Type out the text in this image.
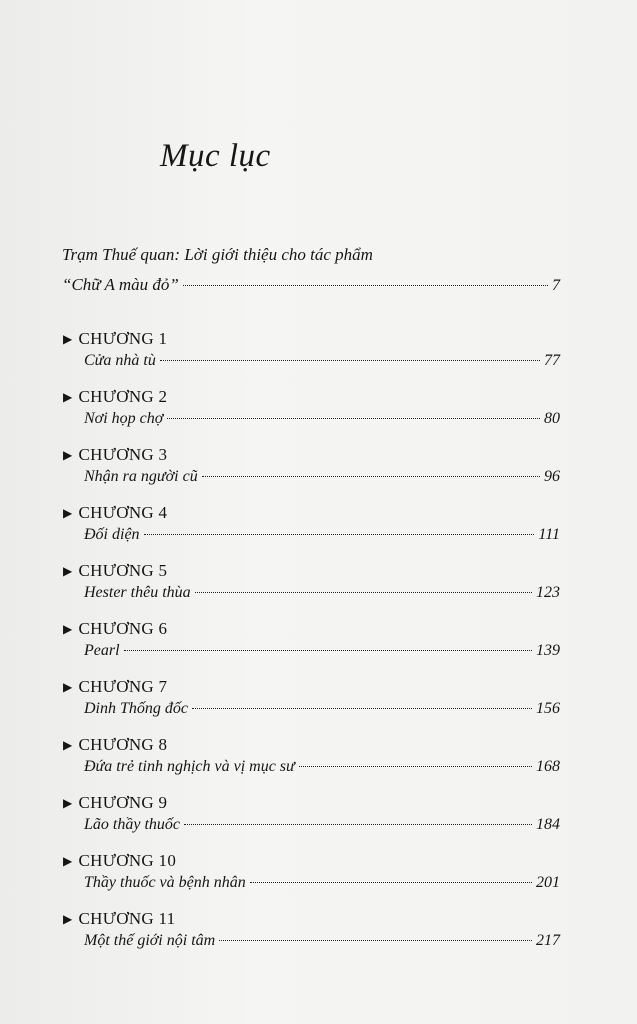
Mục lục
Trạm Thuế quan: Lời giới thiệu cho tác phẩm
“Chữ A màu đỏ”	7
▶ CHƯƠNG 1
Cửa nhà tù	77
▶ CHƯƠNG 2
Nơi họp chợ	80
▶ CHƯƠNG 3
Nhận ra người cũ	96
▶ CHƯƠNG 4
Đối diện	111
▶ CHƯƠNG 5
Hester thêu thùa	123
▶ CHƯƠNG 6
Pearl	139
▶ CHƯƠNG 7
Dinh Thống đốc	156
▶ CHƯƠNG 8
Đứa trẻ tinh nghịch và vị mục sư	168
▶ CHƯƠNG 9
Lão thầy thuốc	184
▶ CHƯƠNG 10
Thầy thuốc và bệnh nhân	201
▶ CHƯƠNG 11
Một thế giới nội tâm	217
